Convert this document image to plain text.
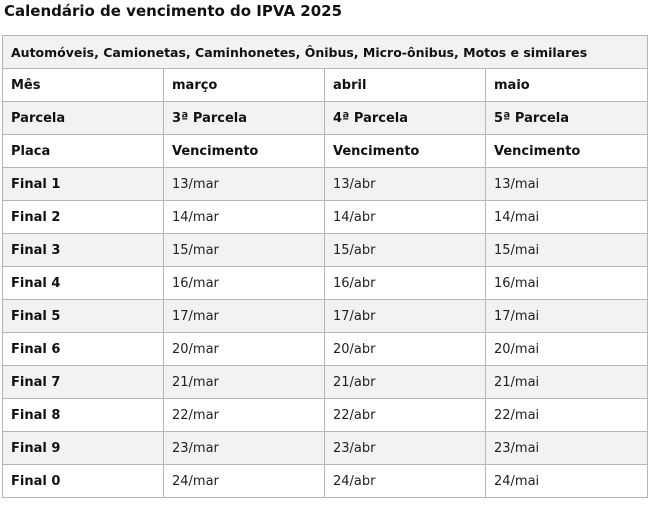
Calendário de vencimento do IPVA 2025
Automóveis, Camionetas, Caminhonetes, Ônibus, Micro-ônibus, Motos e similares			
Mês	março	abril	maio
Parcela	3ª Parcela	4ª Parcela	5ª Parcela
Placa	Vencimento	Vencimento	Vencimento
Final 1	13/mar	13/abr	13/mai
Final 2	14/mar	14/abr	14/mai
Final 3	15/mar	15/abr	15/mai
Final 4	16/mar	16/abr	16/mai
Final 5	17/mar	17/abr	17/mai
Final 6	20/mar	20/abr	20/mai
Final 7	21/mar	21/abr	21/mai
Final 8	22/mar	22/abr	22/mai
Final 9	23/mar	23/abr	23/mai
Final 0	24/mar	24/abr	24/mai
